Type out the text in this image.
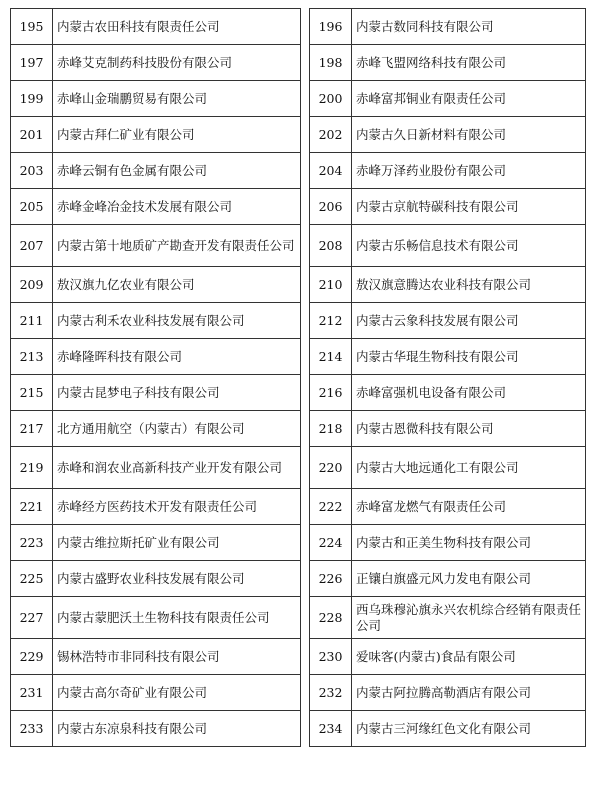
195	内蒙古农田科技有限责任公司		196	内蒙古数同科技有限公司
197	赤峰艾克制药科技股份有限公司		198	赤峰飞盟网络科技有限公司
199	赤峰山金瑞鹏贸易有限公司		200	赤峰富邦铜业有限责任公司
201	内蒙古拜仁矿业有限公司		202	内蒙古久日新材料有限公司
203	赤峰云铜有色金属有限公司		204	赤峰万泽药业股份有限公司
205	赤峰金峰冶金技术发展有限公司		206	内蒙古京航特碳科技有限公司
207	内蒙古第十地质矿产勘查开发有限责任公司		208	内蒙古乐畅信息技术有限公司
209	敖汉旗九亿农业有限公司		210	敖汉旗意腾达农业科技有限公司
211	内蒙古利禾农业科技发展有限公司		212	内蒙古云象科技发展有限公司
213	赤峰隆晖科技有限公司		214	内蒙古华琨生物科技有限公司
215	内蒙古昆梦电子科技有限公司		216	赤峰富强机电设备有限公司
217	北方通用航空（内蒙古）有限公司		218	内蒙古恩微科技有限公司
219	赤峰和润农业高新科技产业开发有限公司		220	内蒙古大地远通化工有限公司
221	赤峰经方医药技术开发有限责任公司		222	赤峰富龙燃气有限责任公司
223	内蒙古维拉斯托矿业有限公司		224	内蒙古和正美生物科技有限公司
225	内蒙古盛野农业科技发展有限公司		226	正镶白旗盛元风力发电有限公司
227	内蒙古蒙肥沃土生物科技有限责任公司		228	西乌珠穆沁旗永兴农机综合经销有限责任公司
229	锡林浩特市非同科技有限公司		230	爱味客(内蒙古)食品有限公司
231	内蒙古高尔奇矿业有限公司		232	内蒙古阿拉腾高勒酒店有限公司
233	内蒙古东凉泉科技有限公司		234	内蒙古三河缘红色文化有限公司
